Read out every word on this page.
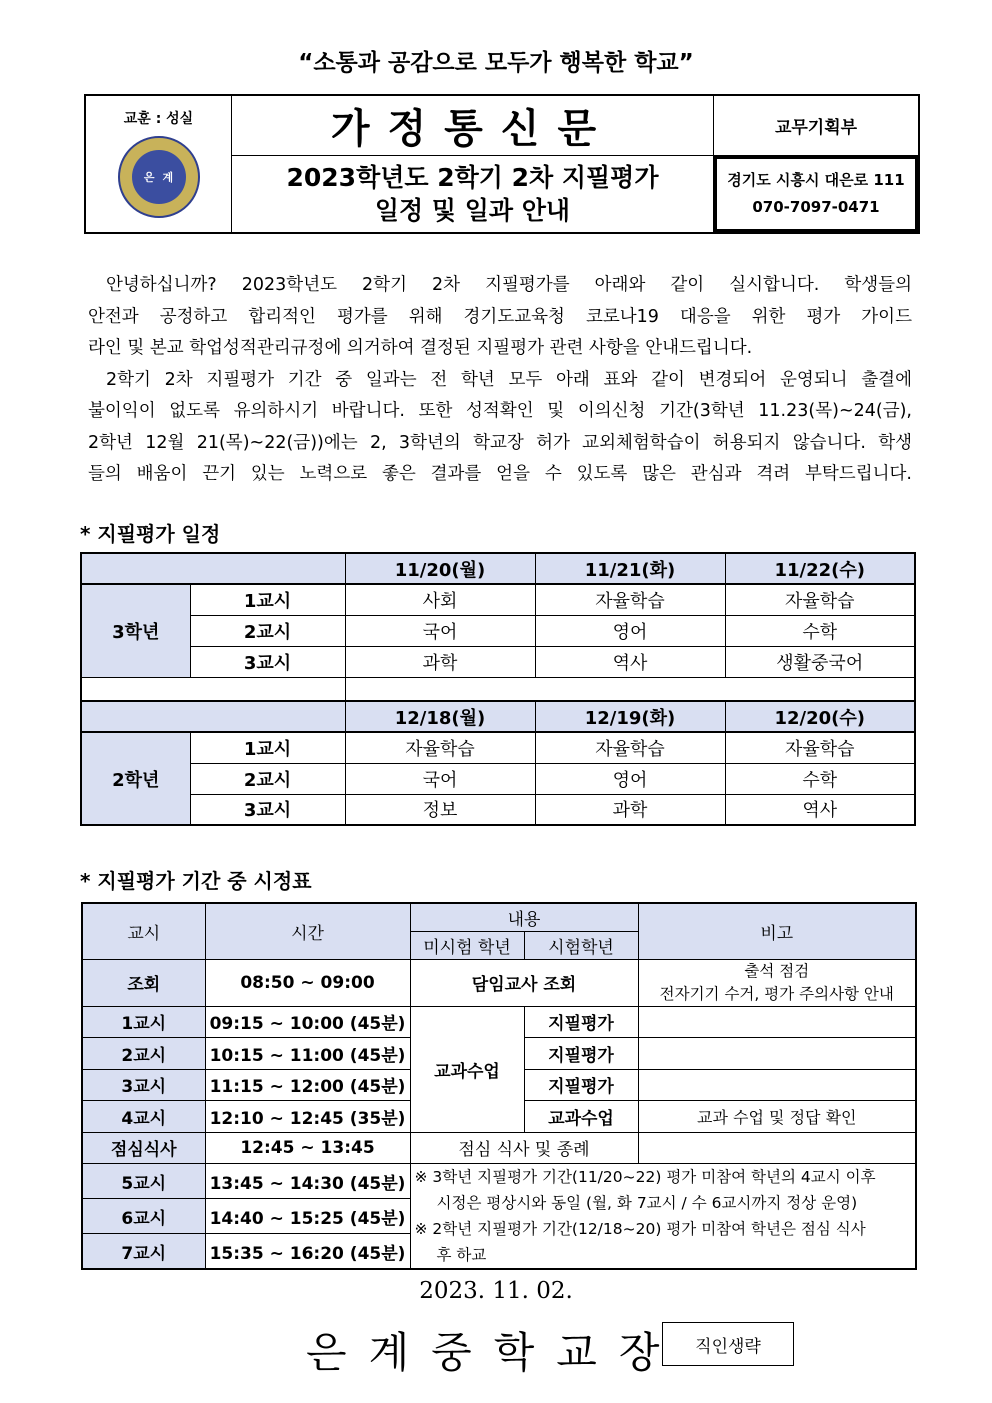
“소통과 공감으로 모두가 행복한 학교”
교훈 : 성실
은 계
가정통신문
2023학년도 2학기 2차 지필평가
일정 및 일과 안내
교무기획부
경기도 시흥시 대은로 111
070-7097-0471

안녕하십니까? 2023학년도 2학기 2차 지필평가를 아래와 같이 실시합니다. 학생들의

안전과 공정하고 합리적인 평가를 위해 경기도교육청 코로나19 대응을 위한 평가 가이드

라인 및 본교 학업성적관리규정에 의거하여 결정된 지필평가 관련 사항을 안내드립니다.

2학기 2차 지필평가 기간 중 일과는 전 학년 모두 아래 표와 같이 변경되어 운영되니 출결에

불이익이 없도록 유의하시기 바랍니다. 또한 성적확인 및 이의신청 기간(3학년 11.23(목)~24(금),

2학년 12월 21(목)~22(금))에는 2, 3학년의 학교장 허가 교외체험학습이 허용되지 않습니다. 학생

들의 배움이 끈기 있는 노력으로 좋은 결과를 얻을 수 있도록 많은 관심과 격려 부탁드립니다.

* 지필평가 일정
		11/20(월)	11/21(화)	11/22(수)
3학년	1교시	사회	자율학습	자율학습
	2교시	국어	영어	수학
	3교시	과학	역사	생활중국어

		12/18(월)	12/19(화)	12/20(수)
2학년	1교시	자율학습	자율학습	자율학습
	2교시	국어	영어	수학
	3교시	정보	과학	역사
* 지필평가 기간 중 시정표
교시	시간	내용		비고
		미시험 학년	시험학년	
조회	08:50 ~ 09:00	담임교사 조회		출석 점검
전자기기 수거, 평가 주의사항 안내

1교시	09:15 ~ 10:00 (45분)	교과수업	지필평가	
2교시	10:15 ~ 11:00 (45분)		지필평가	
3교시	11:15 ~ 12:00 (45분)		지필평가	
4교시	12:10 ~ 12:45 (35분)		교과수업	교과 수업 및 정답 확인
점심식사	12:45 ~ 13:45	점심 식사 및 종례		
5교시	13:45 ~ 14:30 (45분)	※ 3학년 지필평가 기간(11/20~22) 평가 미참여 학년의 4교시 이후
시정은 평상시와 동일 (월, 화 7교시 / 수 6교시까지 정상 운영)
※ 2학년 지필평가 기간(12/18~20) 평가 미참여 학년은 점심 식사
후 하교		

6교시	14:40 ~ 15:25 (45분)			
7교시	15:35 ~ 16:20 (45분)			
2023. 11. 02.
은계중학교장 직인생략
